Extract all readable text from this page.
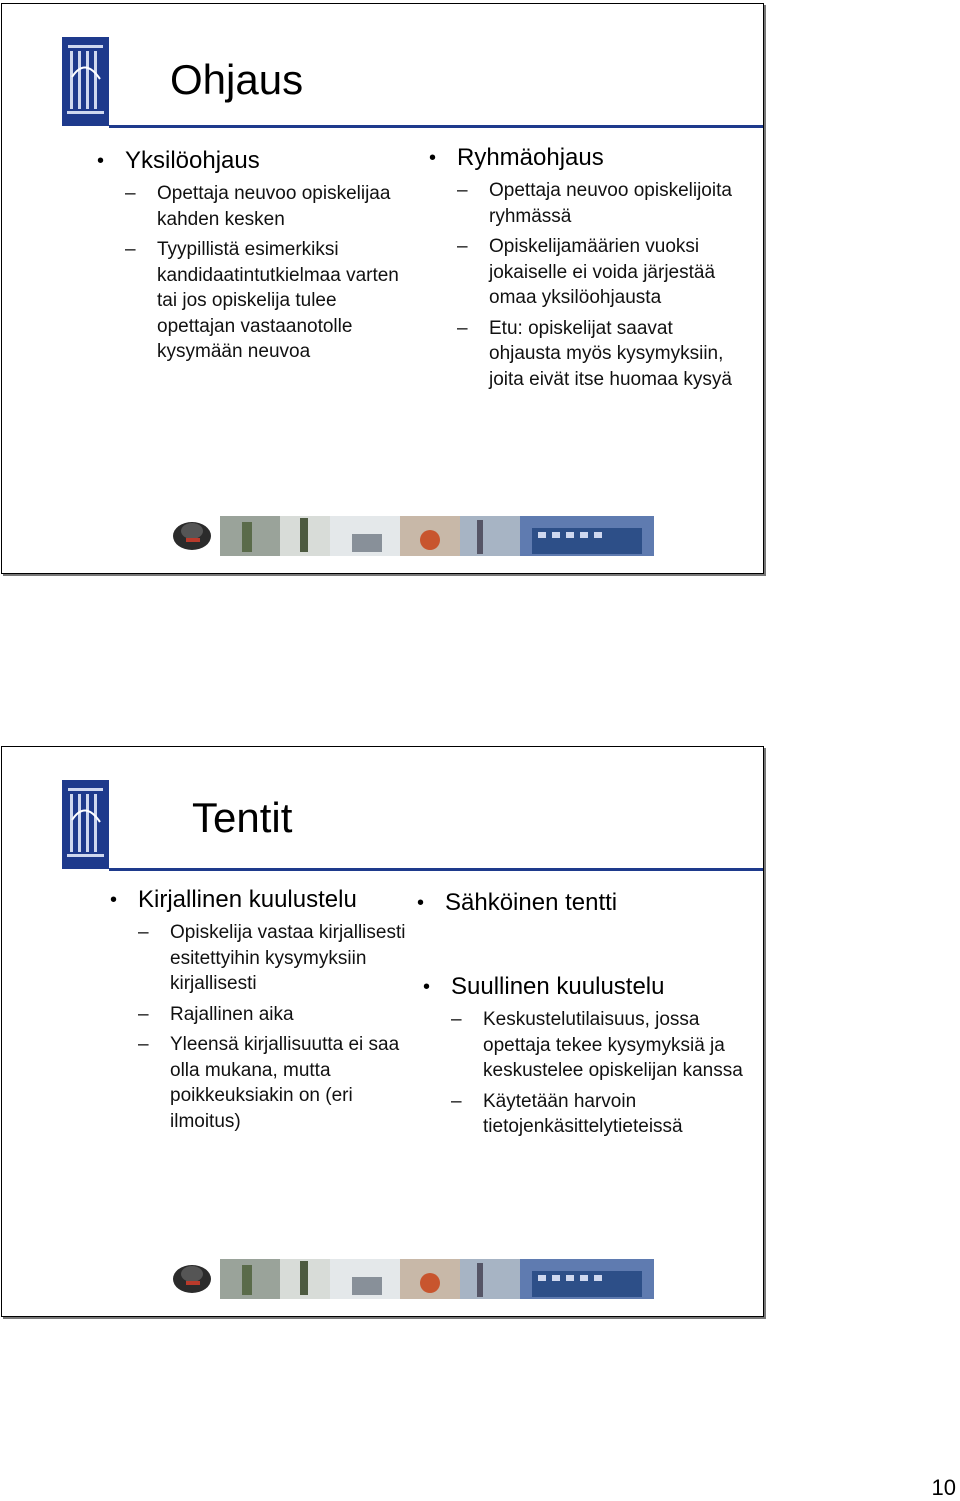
Ohjaus
• Yksilöohjaus
– Opettaja neuvoo opiskelijaa kahden kesken
– Tyypillistä esimerkiksi kandidaatintutkielmaa varten tai jos opiskelija tulee opettajan vastaanotolle kysymään neuvoa
• Ryhmäohjaus
– Opettaja neuvoo opiskelijoita ryhmässä
– Opiskelijamäärien vuoksi jokaiselle ei voida järjestää omaa yksilöohjausta
– Etu: opiskelijat saavat ohjausta myös kysymyksiin, joita eivät itse huomaa kysyä
Tentit
• Kirjallinen kuulustelu
– Opiskelija vastaa kirjallisesti esitettyihin kysymyksiin kirjallisesti
– Rajallinen aika
– Yleensä kirjallisuutta ei saa olla mukana, mutta poikkeuksiakin on (eri ilmoitus)
• Sähköinen tentti
• Suullinen kuulustelu
– Keskustelutilaisuus, jossa opettaja tekee kysymyksiä ja keskustelee opiskelijan kanssa
– Käytetään harvoin tietojenkäsittelytieteissä
10
